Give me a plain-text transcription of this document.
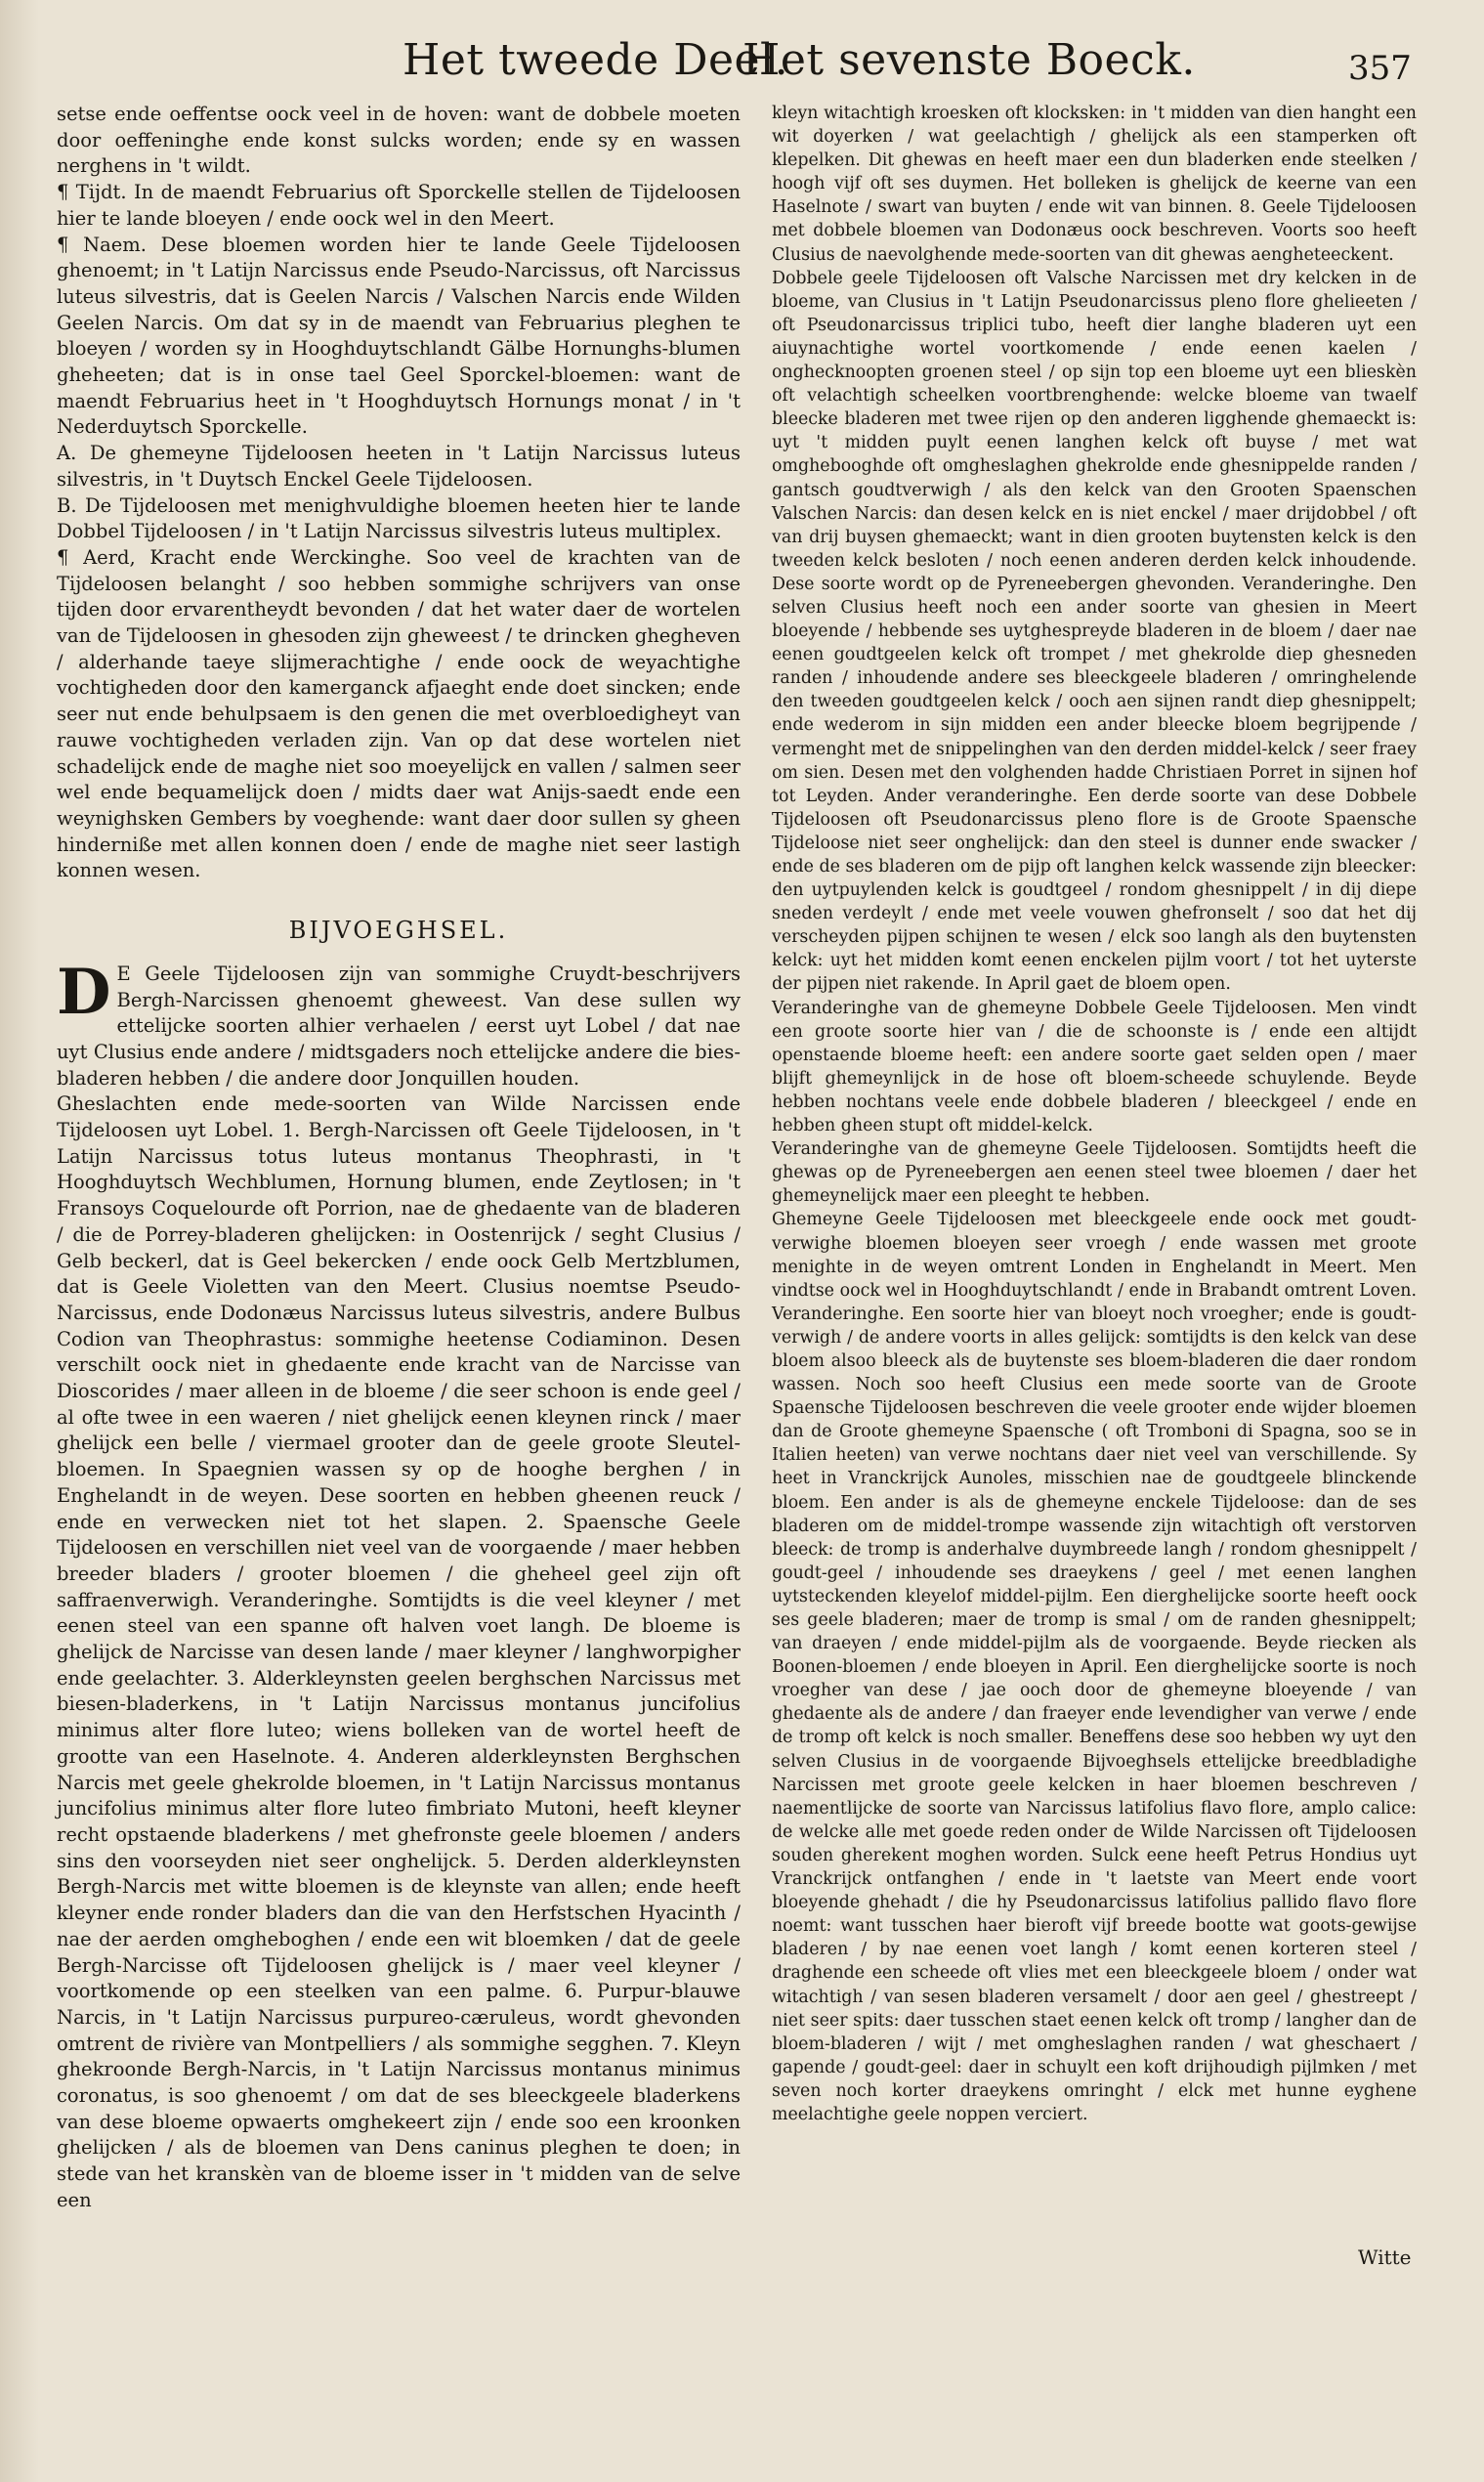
Het tweede Deel.
Het sevenste Boeck.	357

setse ende oeffentse oock veel in de hoven: want de dobbele moeten door oeffeninghe ende konst sulcks worden; ende sy en wassen nerghens in 't wildt.

¶ Tijdt. In de maendt Februarius oft Sporckelle stellen de Tijdeloosen hier te lande bloeyen / ende oock wel in den Meert.

¶ Naem. Dese bloemen worden hier te lande Geele Tijdeloosen ghenoemt; in 't Latijn Narcissus ende Pseudo-Narcissus, oft Narcissus luteus silvestris, dat is Geelen Narcis / Valschen Narcis ende Wilden Geelen Narcis. Om dat sy in de maendt van Februarius pleghen te bloeyen / worden sy in Hooghduytschlandt Gälbe Hornunghs-blumen gheheeten; dat is in onse tael Geel Sporckel-bloemen: want de maendt Februarius heet in 't Hooghduytsch Hornungs monat / in 't Nederduytsch Sporckelle.

A. De ghemeyne Tijdeloosen heeten in 't Latijn Narcissus luteus silvestris, in 't Duytsch Enckel Geele Tijdeloosen.

B. De Tijdeloosen met menighvuldighe bloemen heeten hier te lande Dobbel Tijdeloosen / in 't Latijn Narcissus silvestris luteus multiplex.

¶ Aerd, Kracht ende Werckinghe. Soo veel de krachten van de Tijdeloosen belanght / soo hebben sommighe schrijvers van onse tijden door ervarentheydt bevonden / dat het water daer de wortelen van de Tijdeloosen in ghesoden zijn gheweest / te drincken ghegheven / alderhande taeye slijmerachtighe / ende oock de weyachtighe vochtigheden door den kamerganck afjaeght ende doet sincken; ende seer nut ende behulpsaem is den genen die met overbloedigheyt van rauwe vochtigheden verladen zijn. Van op dat dese wortelen niet schadelijck ende de maghe niet soo moeyelijck en vallen / salmen seer wel ende bequamelijck doen / midts daer wat Anijs-saedt ende een weynighsken Gembers by voeghende: want daer door sullen sy gheen hinderniße met allen konnen doen / ende de maghe niet seer lastigh konnen wesen.

BIJVOEGHSEL.

DE Geele Tijdeloosen zijn van sommighe Cruydt-beschrijvers Bergh-Narcissen ghenoemt gheweest. Van dese sullen wy ettelijcke soorten alhier verhaelen / eerst uyt Lobel / dat nae uyt Clusius ende andere / midtsgaders noch ettelijcke andere die bies-bladeren hebben / die andere door Jonquillen houden.

Gheslachten ende mede-soorten van Wilde Narcissen ende Tijdeloosen uyt Lobel. 1. Bergh-Narcissen oft Geele Tijdeloosen, in 't Latijn Narcissus totus luteus montanus Theophrasti, in 't Hooghduytsch Wechblumen, Hornung blumen, ende Zeytlosen; in 't Fransoys Coquelourde oft Porrion, nae de ghedaente van de bladeren / die de Porrey-bladeren ghelijcken: in Oostenrijck / seght Clusius / Gelb beckerl, dat is Geel bekercken / ende oock Gelb Mertzblumen, dat is Geele Violetten van den Meert. Clusius noemtse Pseudo-Narcissus, ende Dodonæus Narcissus luteus silvestris, andere Bulbus Codion van Theophrastus: sommighe heetense Codiaminon. Desen verschilt oock niet in ghedaente ende kracht van de Narcisse van Dioscorides / maer alleen in de bloeme / die seer schoon is ende geel / al ofte twee in een waeren / niet ghelijck eenen kleynen rinck / maer ghelijck een belle / viermael grooter dan de geele groote Sleutel-bloemen. In Spaegnien wassen sy op de hooghe berghen / in Enghelandt in de weyen. Dese soorten en hebben gheenen reuck / ende en verwecken niet tot het slapen. 2. Spaensche Geele Tijdeloosen en verschillen niet veel van de voorgaende / maer hebben breeder bladers / grooter bloemen / die gheheel geel zijn oft saffraenverwigh. Veranderinghe. Somtijdts is die veel kleyner / met eenen steel van een spanne oft halven voet langh. De bloeme is ghelijck de Narcisse van desen lande / maer kleyner / langhworpigher ende geelachter. 3. Alderkleynsten geelen berghschen Narcissus met biesen-bladerkens, in 't Latijn Narcissus montanus juncifolius minimus alter flore luteo; wiens bolleken van de wortel heeft de grootte van een Haselnote. 4. Anderen alderkleynsten Berghschen Narcis met geele ghekrolde bloemen, in 't Latijn Narcissus montanus juncifolius minimus alter flore luteo fimbriato Mutoni, heeft kleyner recht opstaende bladerkens / met ghefronste geele bloemen / anders sins den voorseyden niet seer onghelijck. 5. Derden alderkleynsten Bergh-Narcis met witte bloemen is de kleynste van allen; ende heeft kleyner ende ronder bladers dan die van den Herfstschen Hyacinth / nae der aerden omgheboghen / ende een wit bloemken / dat de geele Bergh-Narcisse oft Tijdeloosen ghelijck is / maer veel kleyner / voortkomende op een steelken van een palme. 6. Purpur-blauwe Narcis, in 't Latijn Narcissus purpureo-cæruleus, wordt ghevonden omtrent de rivière van Montpelliers / als sommighe segghen. 7. Kleyn ghekroonde Bergh-Narcis, in 't Latijn Narcissus montanus minimus coronatus, is soo ghenoemt / om dat de ses bleeckgeele bladerkens van dese bloeme opwaerts omghekeert zijn / ende soo een kroonken ghelijcken / als de bloemen van Dens caninus pleghen te doen; in stede van het kranskèn van de bloeme isser in 't midden van de selve een

kleyn witachtigh kroesken oft klocksken: in 't midden van dien hanght een wit doyerken / wat geelachtigh / ghelijck als een stamperken oft klepelken. Dit ghewas en heeft maer een dun bladerken ende steelken / hoogh vijf oft ses duymen. Het bolleken is ghelijck de keerne van een Haselnote / swart van buyten / ende wit van binnen. 8. Geele Tijdeloosen met dobbele bloemen van Dodonæus oock beschreven. Voorts soo heeft Clusius de naevolghende mede-soorten van dit ghewas aengheteeckent.

Dobbele geele Tijdeloosen oft Valsche Narcissen met dry kelcken in de bloeme, van Clusius in 't Latijn Pseudonarcissus pleno flore ghelieeten / oft Pseudonarcissus triplici tubo, heeft dier langhe bladeren uyt een aiuynachtighe wortel voortkomende / ende eenen kaelen / onghecknoopten groenen steel / op sijn top een bloeme uyt een blieskèn oft velachtigh scheelken voortbrenghende: welcke bloeme van twaelf bleecke bladeren met twee rijen op den anderen ligghende ghemaeckt is: uyt 't midden puylt eenen langhen kelck oft buyse / met wat omghebooghde oft omgheslaghen ghekrolde ende ghesnippelde randen / gantsch goudtverwigh / als den kelck van den Grooten Spaenschen Valschen Narcis: dan desen kelck en is niet enckel / maer drijdobbel / oft van drij buysen ghemaeckt; want in dien grooten buytensten kelck is den tweeden kelck besloten / noch eenen anderen derden kelck inhoudende. Dese soorte wordt op de Pyreneebergen ghevonden. Veranderinghe. Den selven Clusius heeft noch een ander soorte van ghesien in Meert bloeyende / hebbende ses uytghespreyde bladeren in de bloem / daer nae eenen goudtgeelen kelck oft trompet / met ghekrolde diep ghesneden randen / inhoudende andere ses bleeckgeele bladeren / omringhelende den tweeden goudtgeelen kelck / ooch aen sijnen randt diep ghesnippelt; ende wederom in sijn midden een ander bleecke bloem begrijpende / vermenght met de snippelinghen van den derden middel-kelck / seer fraey om sien. Desen met den volghenden hadde Christiaen Porret in sijnen hof tot Leyden. Ander veranderinghe. Een derde soorte van dese Dobbele Tijdeloosen oft Pseudonarcissus pleno flore is de Groote Spaensche Tijdeloose niet seer onghelijck: dan den steel is dunner ende swacker / ende de ses bladeren om de pijp oft langhen kelck wassende zijn bleecker: den uytpuylenden kelck is goudtgeel / rondom ghesnippelt / in dij diepe sneden verdeylt / ende met veele vouwen ghefronselt / soo dat het dij verscheyden pijpen schijnen te wesen / elck soo langh als den buytensten kelck: uyt het midden komt eenen enckelen pijlm voort / tot het uyterste der pijpen niet rakende. In April gaet de bloem open.

Veranderinghe van de ghemeyne Dobbele Geele Tijdeloosen. Men vindt een groote soorte hier van / die de schoonste is / ende een altijdt openstaende bloeme heeft: een andere soorte gaet selden open / maer blijft ghemeynlijck in de hose oft bloem-scheede schuylende. Beyde hebben nochtans veele ende dobbele bladeren / bleeckgeel / ende en hebben gheen stupt oft middel-kelck.

Veranderinghe van de ghemeyne Geele Tijdeloosen. Somtijdts heeft die ghewas op de Pyreneebergen aen eenen steel twee bloemen / daer het ghemeynelijck maer een pleeght te hebben.

Ghemeyne Geele Tijdeloosen met bleeckgeele ende oock met goudt-verwighe bloemen bloeyen seer vroegh / ende wassen met groote menighte in de weyen omtrent Londen in Enghelandt in Meert. Men vindtse oock wel in Hooghduytschlandt / ende in Brabandt omtrent Loven. Veranderinghe. Een soorte hier van bloeyt noch vroegher; ende is goudt-verwigh / de andere voorts in alles gelijck: somtijdts is den kelck van dese bloem alsoo bleeck als de buytenste ses bloem-bladeren die daer rondom wassen. Noch soo heeft Clusius een mede soorte van de Groote Spaensche Tijdeloosen beschreven die veele grooter ende wijder bloemen dan de Groote ghemeyne Spaensche ( oft Tromboni di Spagna, soo se in Italien heeten) van verwe nochtans daer niet veel van verschillende. Sy heet in Vranckrijck Aunoles, misschien nae de goudtgeele blinckende bloem. Een ander is als de ghemeyne enckele Tijdeloose: dan de ses bladeren om de middel-trompe wassende zijn witachtigh oft verstorven bleeck: de tromp is anderhalve duymbreede langh / rondom ghesnippelt / goudt-geel / inhoudende ses draeykens / geel / met eenen langhen uytsteckenden kleyelof middel-pijlm. Een dierghelijcke soorte heeft oock ses geele bladeren; maer de tromp is smal / om de randen ghesnippelt; van draeyen / ende middel-pijlm als de voorgaende. Beyde riecken als Boonen-bloemen / ende bloeyen in April. Een dierghelijcke soorte is noch vroegher van dese / jae ooch door de ghemeyne bloeyende / van ghedaente als de andere / dan fraeyer ende levendigher van verwe / ende de tromp oft kelck is noch smaller. Beneffens dese soo hebben wy uyt den selven Clusius in de voorgaende Bijvoeghsels ettelijcke breedbladighe Narcissen met groote geele kelcken in haer bloemen beschreven / naementlijcke de soorte van Narcissus latifolius flavo flore, amplo calice: de welcke alle met goede reden onder de Wilde Narcissen oft Tijdeloosen souden gherekent moghen worden. Sulck eene heeft Petrus Hondius uyt Vranckrijck ontfanghen / ende in 't laetste van Meert ende voort bloeyende ghehadt / die hy Pseudonarcissus latifolius pallido flavo flore noemt: want tusschen haer bieroft vijf breede bootte wat goots-gewijse bladeren / by nae eenen voet langh / komt eenen korteren steel / draghende een scheede oft vlies met een bleeckgeele bloem / onder wat witachtigh / van sesen bladeren versamelt / door aen geel / ghestreept / niet seer spits: daer tusschen staet eenen kelck oft tromp / langher dan de bloem-bladeren / wijt / met omgheslaghen randen / wat gheschaert / gapende / goudt-geel: daer in schuylt een koft drijhoudigh pijlmken / met seven noch korter draeykens omringht / elck met hunne eyghene meelachtighe geele noppen verciert.

Witte
